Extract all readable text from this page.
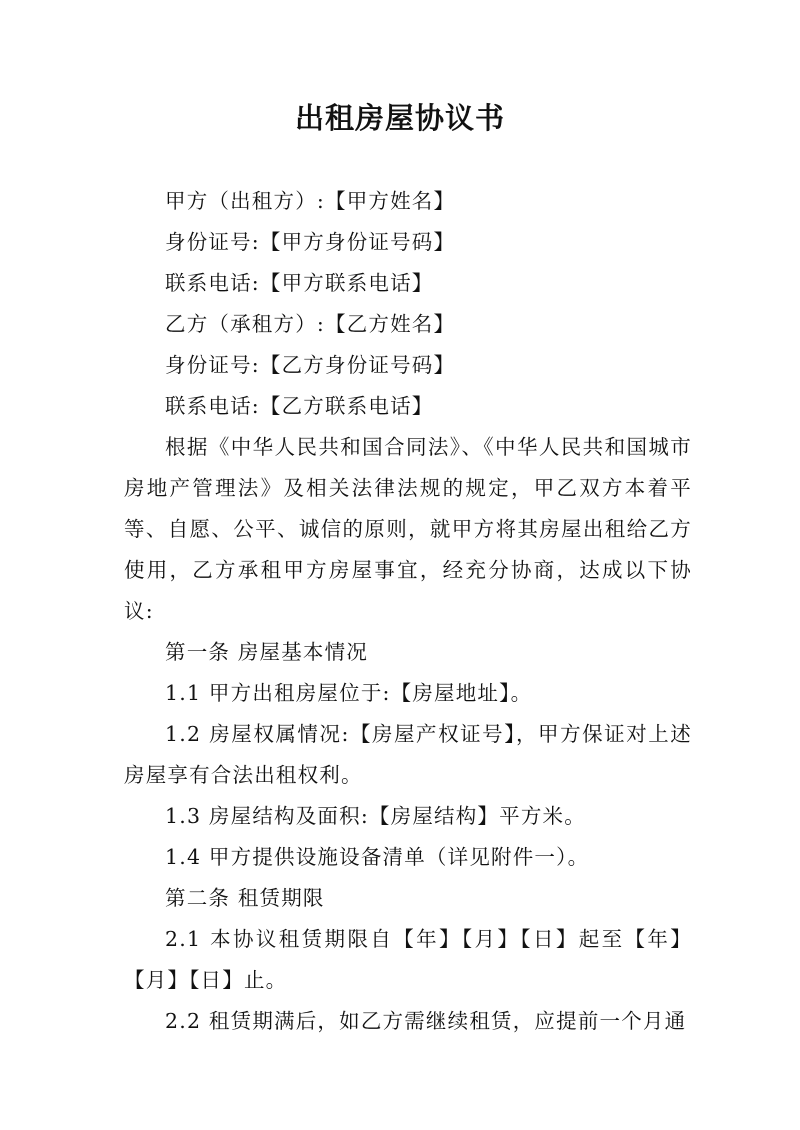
出租房屋协议书

甲方（出租方）:【甲方姓名】

身份证号:【甲方身份证号码】

联系电话:【甲方联系电话】

乙方（承租方）:【乙方姓名】

身份证号:【乙方身份证号码】

联系电话:【乙方联系电话】

根据《中华人民共和国合同法》、《中华人民共和国城市房地产管理法》及相关法律法规的规定，甲乙双方本着平等、自愿、公平、诚信的原则，就甲方将其房屋出租给乙方使用，乙方承租甲方房屋事宜，经充分协商，达成以下协议:

第一条 房屋基本情况

1.1 甲方出租房屋位于:【房屋地址】。

1.2 房屋权属情况:【房屋产权证号】，甲方保证对上述房屋享有合法出租权利。

1.3 房屋结构及面积:【房屋结构】平方米。

1.4 甲方提供设施设备清单（详见附件一）。

第二条 租赁期限

2.1 本协议租赁期限自【年】【月】【日】起至【年】【月】【日】止。

2.2 租赁期满后，如乙方需继续租赁，应提前一个月通
